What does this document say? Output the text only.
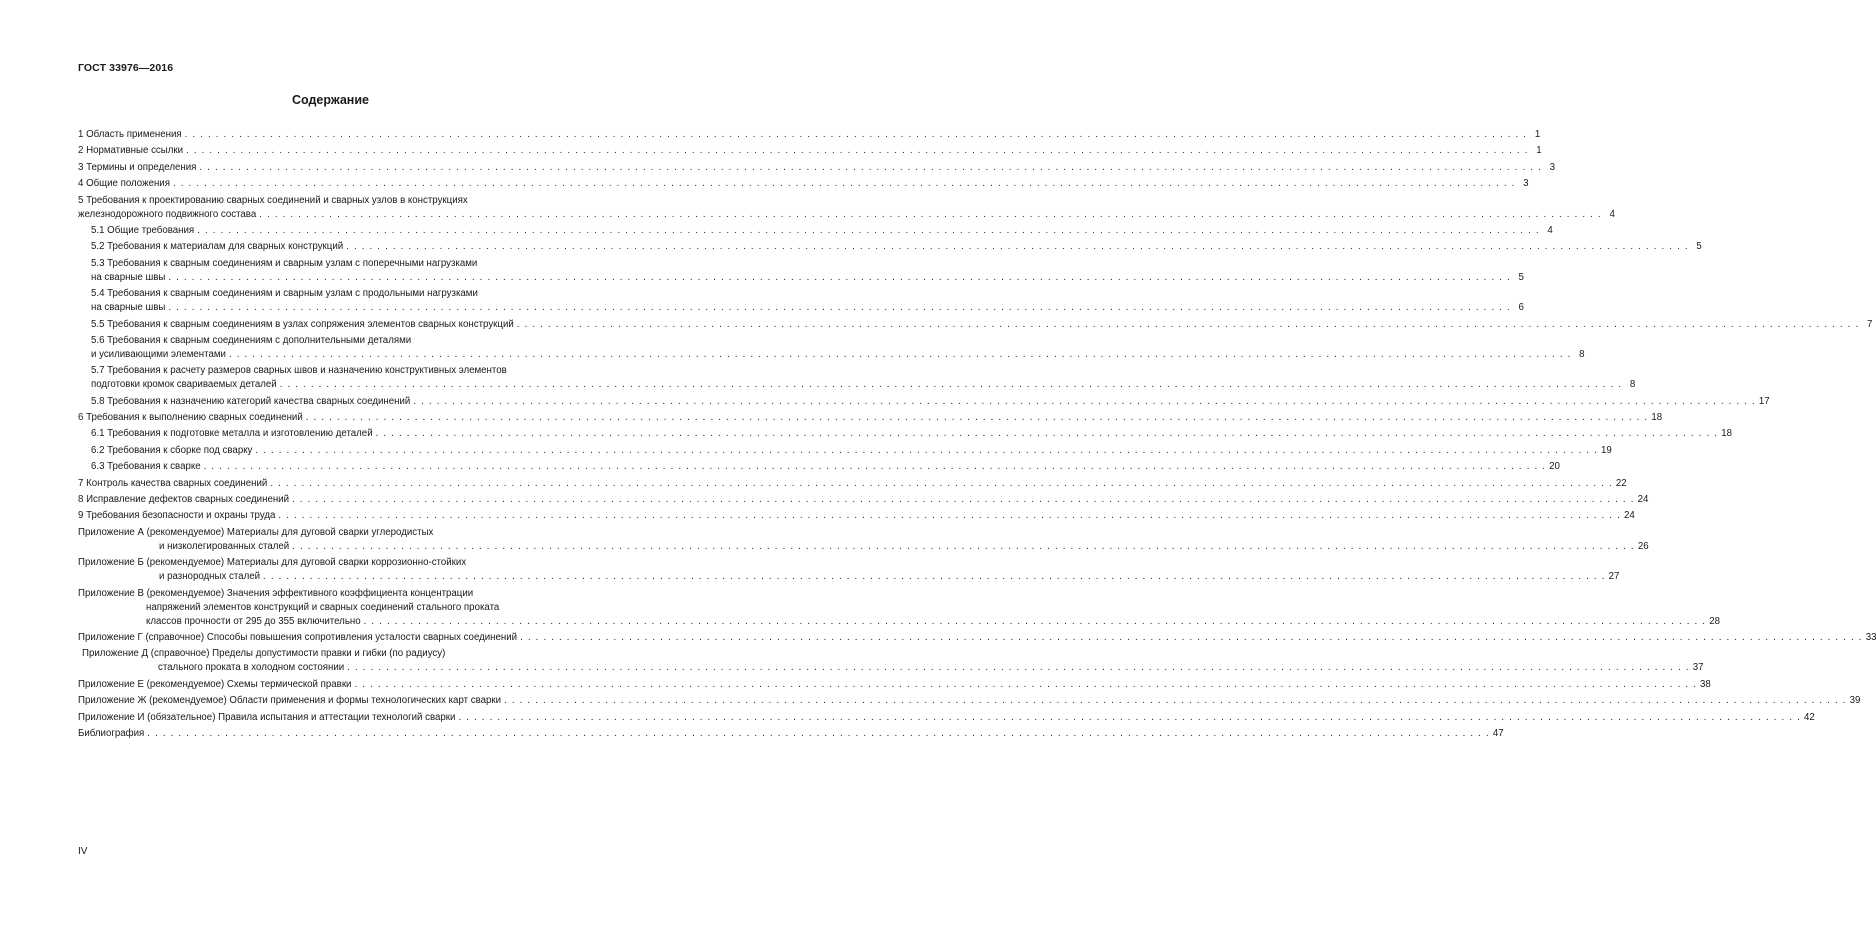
ГОСТ 33976—2016
Содержание
1 Область применения . . .	1
2 Нормативные ссылки . . .	1
3 Термины и определения . . .	3
4 Общие положения . . .	3
5 Требования к проектированию сварных соединений и сварных узлов в конструкциях
железнодорожного подвижного состава . . .	4
5.1 Общие требования . . .	4
5.2 Требования к материалам для сварных конструкций . . .	5
5.3 Требования к сварным соединениям и сварным узлам с поперечными нагрузками
на сварные швы . . .	5
5.4 Требования к сварным соединениям и сварным узлам с продольными нагрузками
на сварные швы . . .	6
5.5 Требования к сварным соединениям в узлах сопряжения элементов сварных конструкций . . .	7
5.6 Требования к сварным соединениям с дополнительными деталями
и усиливающими элементами . . .	8
5.7 Требования к расчету размеров сварных швов и назначению конструктивных элементов
подготовки кромок свариваемых деталей . . .	8
5.8 Требования к назначению категорий качества сварных соединений . . .	17
6 Требования к выполнению сварных соединений . . .	18
6.1 Требования к подготовке металла и изготовлению деталей . . .	18
6.2 Требования к сборке под сварку . . .	19
6.3 Требования к сварке . . .	20
7 Контроль качества сварных соединений . . .	22
8 Исправление дефектов сварных соединений . . .	24
9 Требования безопасности и охраны труда . . .	24
Приложение А (рекомендуемое) Материалы для дуговой сварки углеродистых
и низколегированных сталей . . .	26
Приложение Б (рекомендуемое) Материалы для дуговой сварки коррозионно-стойких
и разнородных сталей . . .	27
Приложение В (рекомендуемое) Значения эффективного коэффициента концентрации
напряжений элементов конструкций и сварных соединений стального проката
классов прочности от 295 до 355 включительно . . .	28
Приложение Г (справочное) Способы повышения сопротивления усталости сварных соединений . . .	33
Приложение Д (справочное) Пределы допустимости правки и гибки (по радиусу)
стального проката в холодном состоянии . . .	37
Приложение Е (рекомендуемое) Схемы термической правки . . .	38
Приложение Ж (рекомендуемое) Области применения и формы технологических карт сварки . . .	39
Приложение И (обязательное) Правила испытания и аттестации технологий сварки . . .	42
Библиография . . .	47
IV
